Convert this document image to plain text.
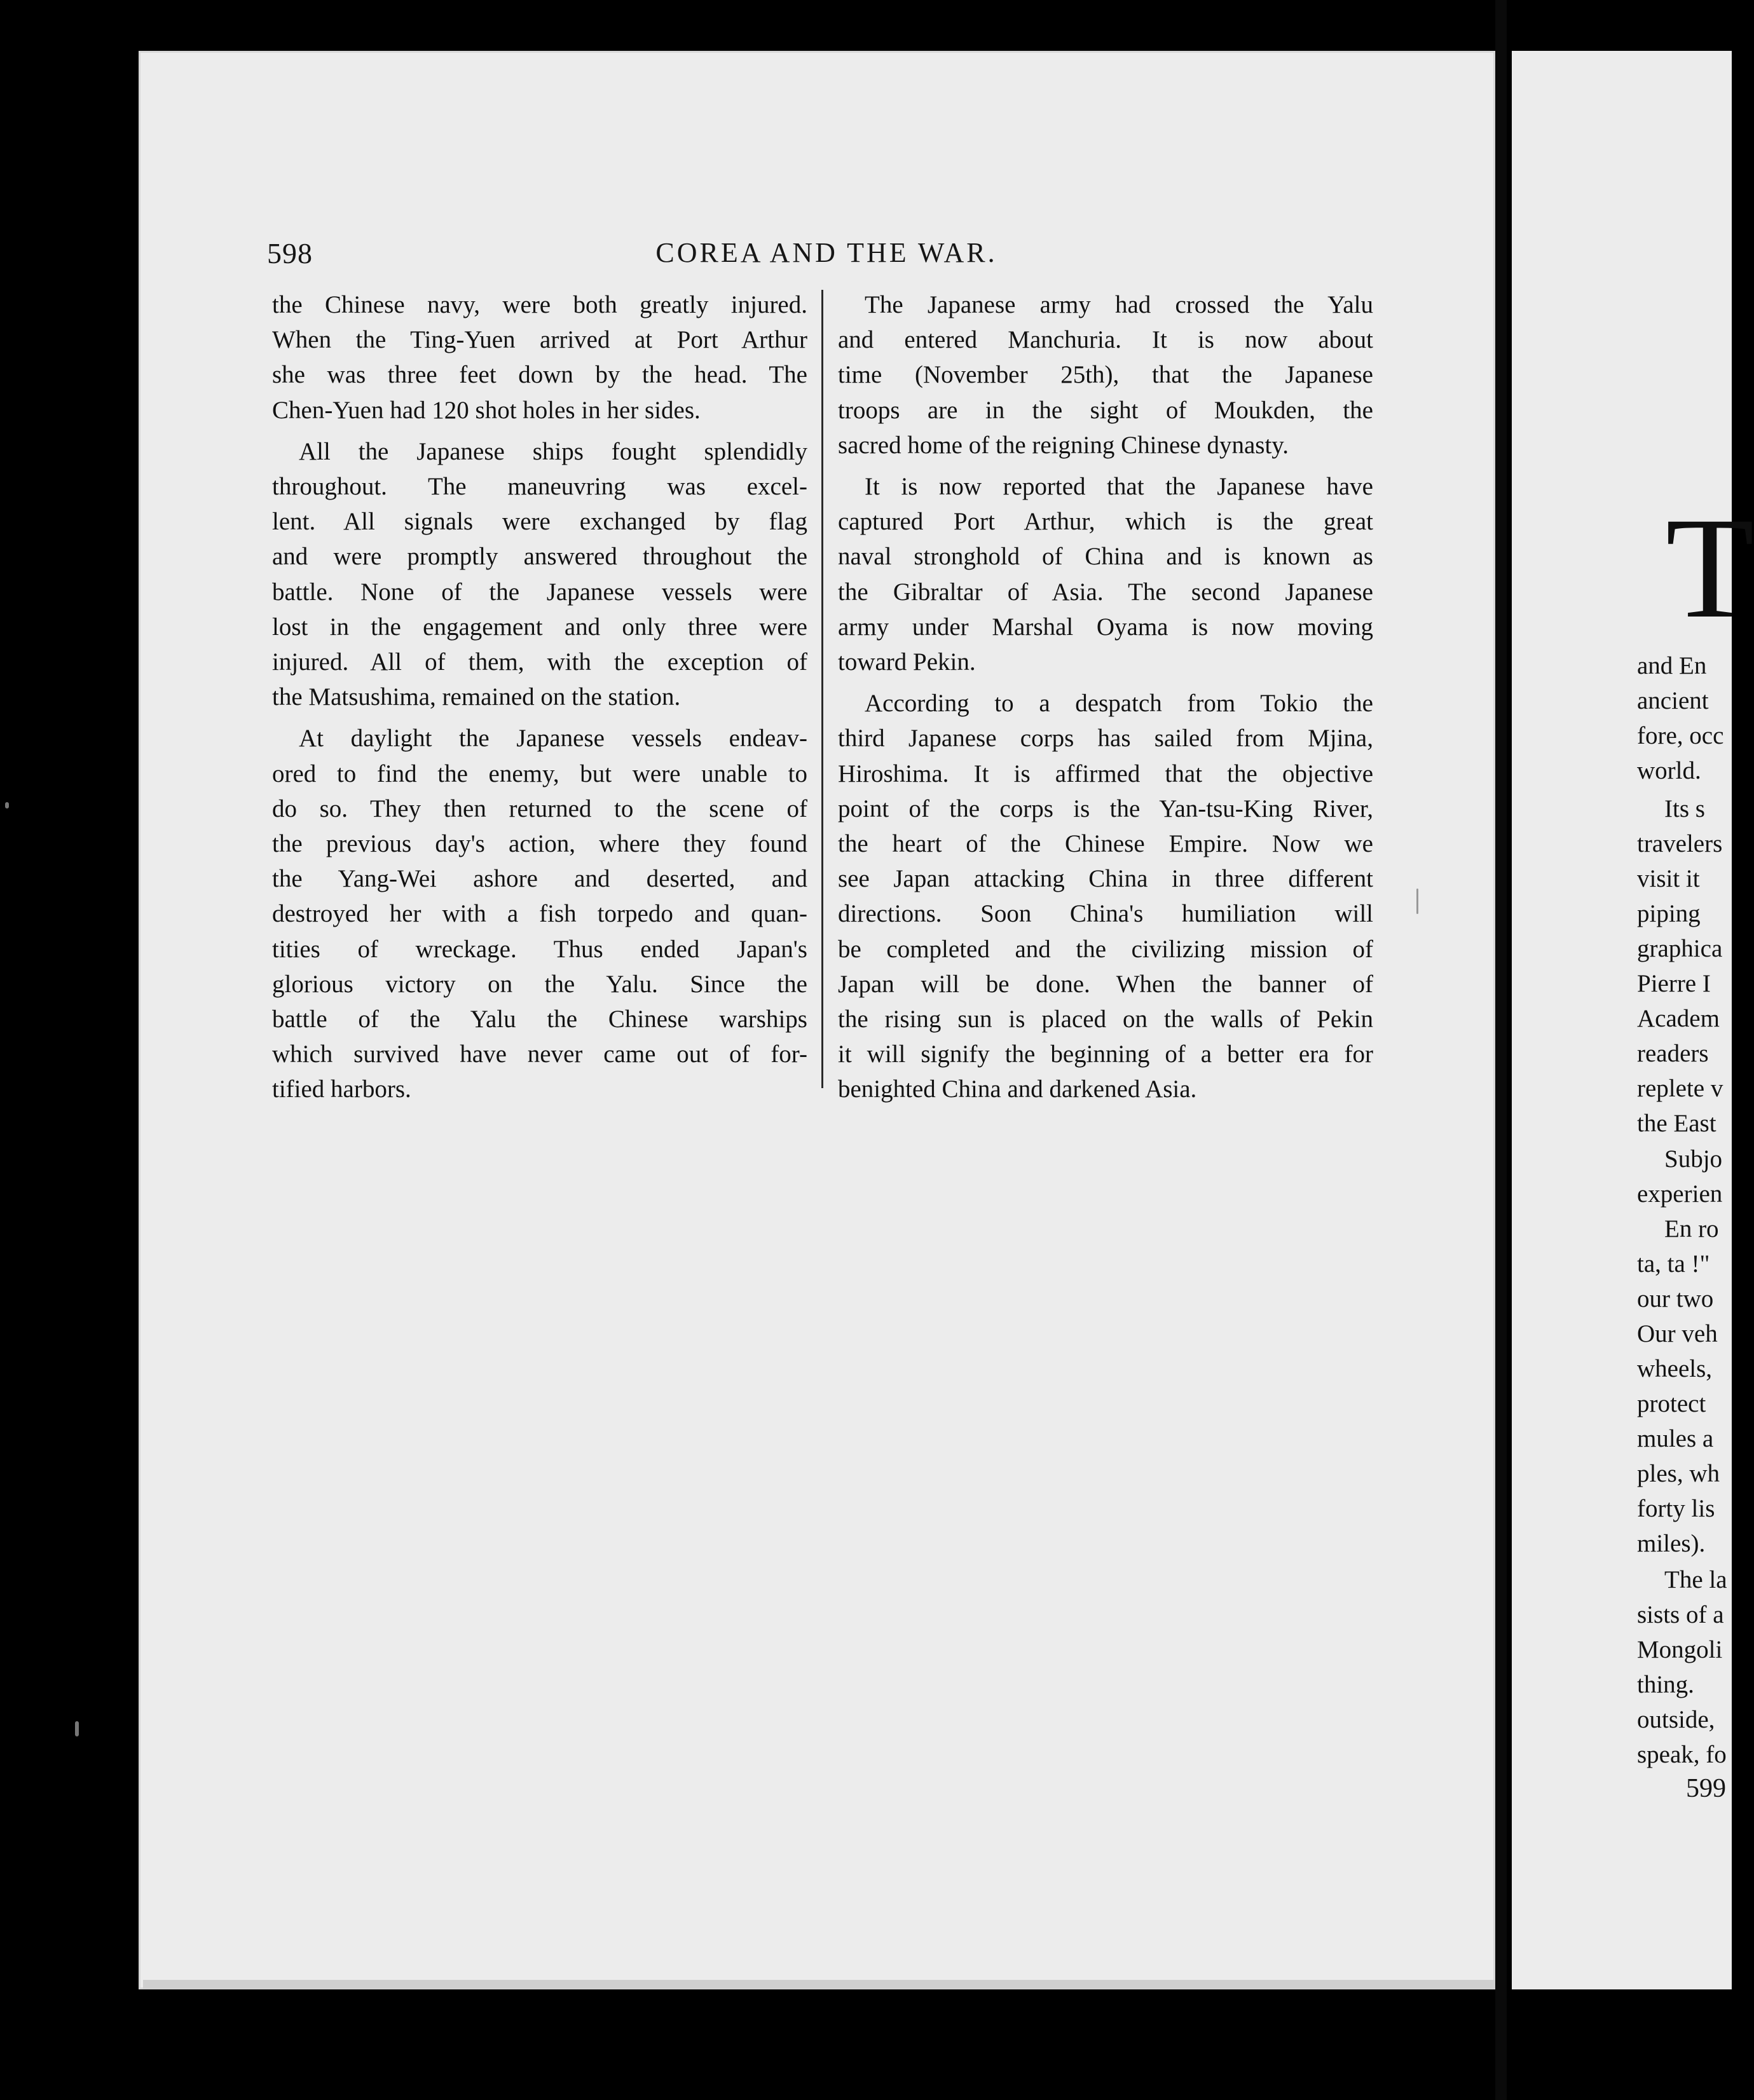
598	COREA AND THE WAR.

the Chinese navy, were both greatly injured.
When the Ting-Yuen arrived at Port Arthur
she was three feet down by the head. The
Chen-Yuen had 120 shot holes in her sides.

All the Japanese ships fought splendidly
throughout. The maneuvring was excel-
lent. All signals were exchanged by flag
and were promptly answered throughout the
battle. None of the Japanese vessels were
lost in the engagement and only three were
injured. All of them, with the exception of
the Matsushima, remained on the station.

At daylight the Japanese vessels endeav-
ored to find the enemy, but were unable to
do so. They then returned to the scene of
the previous day's action, where they found
the Yang-Wei ashore and deserted, and
destroyed her with a fish torpedo and quan-
tities of wreckage. Thus ended Japan's
glorious victory on the Yalu. Since the
battle of the Yalu the Chinese warships
which survived have never came out of for-
tified harbors.

The Japanese army had crossed the Yalu
and entered Manchuria. It is now about
time (November 25th), that the Japanese
troops are in the sight of Moukden, the
sacred home of the reigning Chinese dynasty.

It is now reported that the Japanese have
captured Port Arthur, which is the great
naval stronghold of China and is known as
the Gibraltar of Asia. The second Japanese
army under Marshal Oyama is now moving
toward Pekin.

According to a despatch from Tokio the
third Japanese corps has sailed from Mjina,
Hiroshima. It is affirmed that the objective
point of the corps is the Yan-tsu-King River,
the heart of the Chinese Empire. Now we
see Japan attacking China in three different
directions. Soon China's humiliation will
be completed and the civilizing mission of
Japan will be done. When the banner of
the rising sun is placed on the walls of Pekin
it will signify the beginning of a better era for
benighted China and darkened Asia.

T
and En
ancient
fore, occ
world.
Its s
travelers
visit it
piping
graphica
Pierre I
Academ
readers
replete v
the East
Subjo
experien
En ro
ta, ta !"
our two
Our veh
wheels,
protect
mules a
ples, wh
forty lis
miles).
The la
sists of a
Mongoli
thing.
outside,
speak, fo
599
